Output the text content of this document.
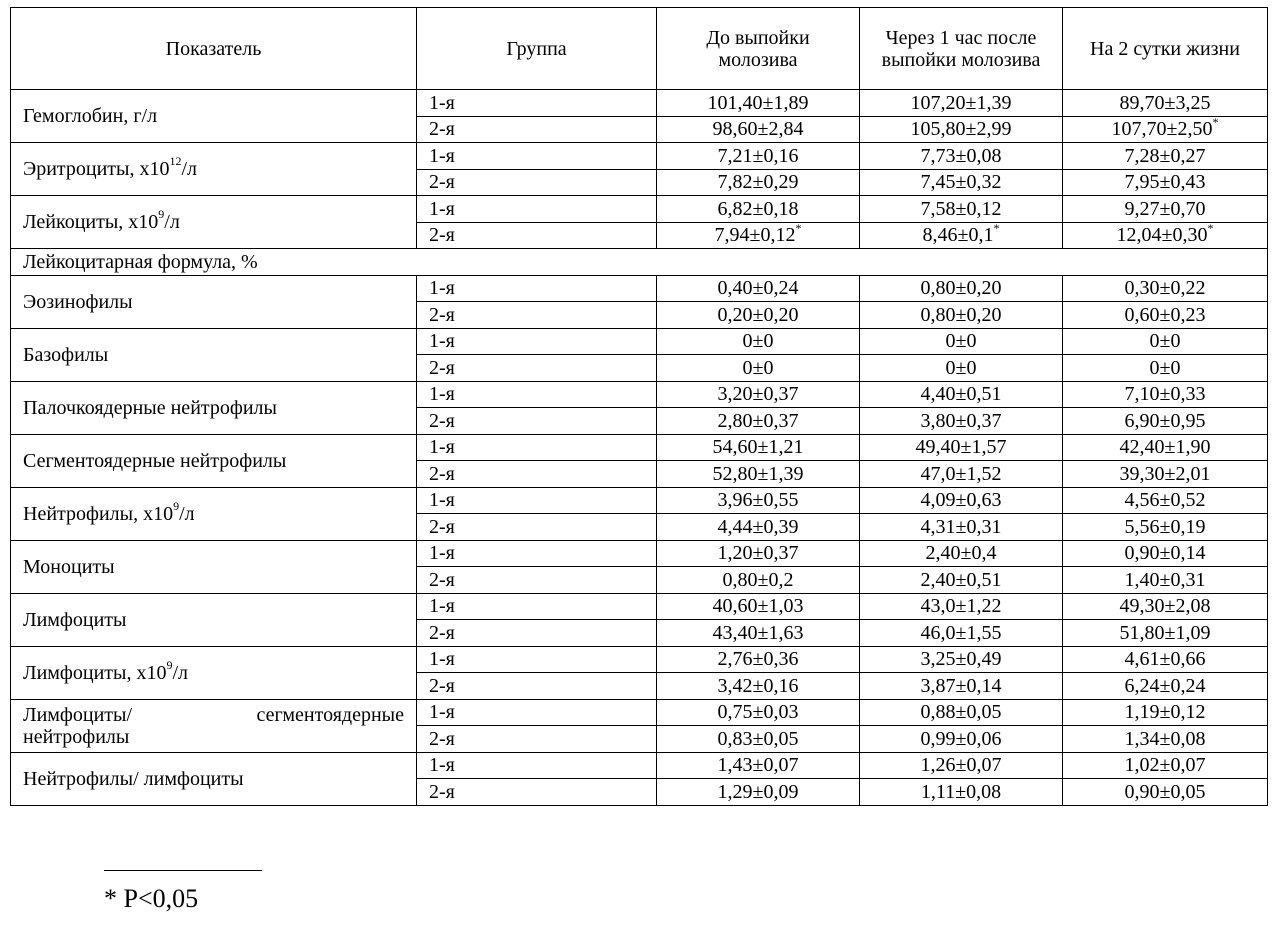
Показатель	Группа	До выпойки молозива	Через 1 час после выпойки молозива	На 2 сутки жизни
Гемоглобин, г/л	1-я	101,40±1,89	107,20±1,39	89,70±3,25
	2-я	98,60±2,84	105,80±2,99	107,70±2,50*
Эритроциты, $х10^{12}/л$	1-я	7,21±0,16	7,73±0,08	7,28±0,27
	2-я	7,82±0,29	7,45±0,32	7,95±0,43
Лейкоциты, $х10^9/л$	1-я	6,82±0,18	7,58±0,12	9,27±0,70
	2-я	7,94±0,12*	8,46±0,1*	12,04±0,30*
Лейкоцитарная формула, %				
Эозинофилы	1-я	0,40±0,24	0,80±0,20	0,30±0,22
	2-я	0,20±0,20	0,80±0,20	0,60±0,23
Базофилы	1-я	0±0	0±0	0±0
	2-я	0±0	0±0	0±0
Палочкоядерные нейтрофилы	1-я	3,20±0,37	4,40±0,51	7,10±0,33
	2-я	2,80±0,37	3,80±0,37	6,90±0,95
Сегментоядерные нейтрофилы	1-я	54,60±1,21	49,40±1,57	42,40±1,90
	2-я	52,80±1,39	47,0±1,52	39,30±2,01
Нейтрофилы, $х10^9/л$	1-я	3,96±0,55	4,09±0,63	4,56±0,52
	2-я	4,44±0,39	4,31±0,31	5,56±0,19
Моноциты	1-я	1,20±0,37	2,40±0,4	0,90±0,14
	2-я	0,80±0,2	2,40±0,51	1,40±0,31
Лимфоциты	1-я	40,60±1,03	43,0±1,22	49,30±2,08
	2-я	43,40±1,63	46,0±1,55	51,80±1,09
Лимфоциты, $х10^9/л$	1-я	2,76±0,36	3,25±0,49	4,61±0,66
	2-я	3,42±0,16	3,87±0,14	6,24±0,24
Лимфоциты/ сегментоядерные
нейтрофилы	1-я	0,75±0,03	0,88±0,05	1,19±0,12
	2-я	0,83±0,05	0,99±0,06	1,34±0,08
Нейтрофилы/ лимфоциты	1-я	1,43±0,07	1,26±0,07	1,02±0,07
	2-я	1,29±0,09	1,11±0,08	0,90±0,05
* P<0,05
